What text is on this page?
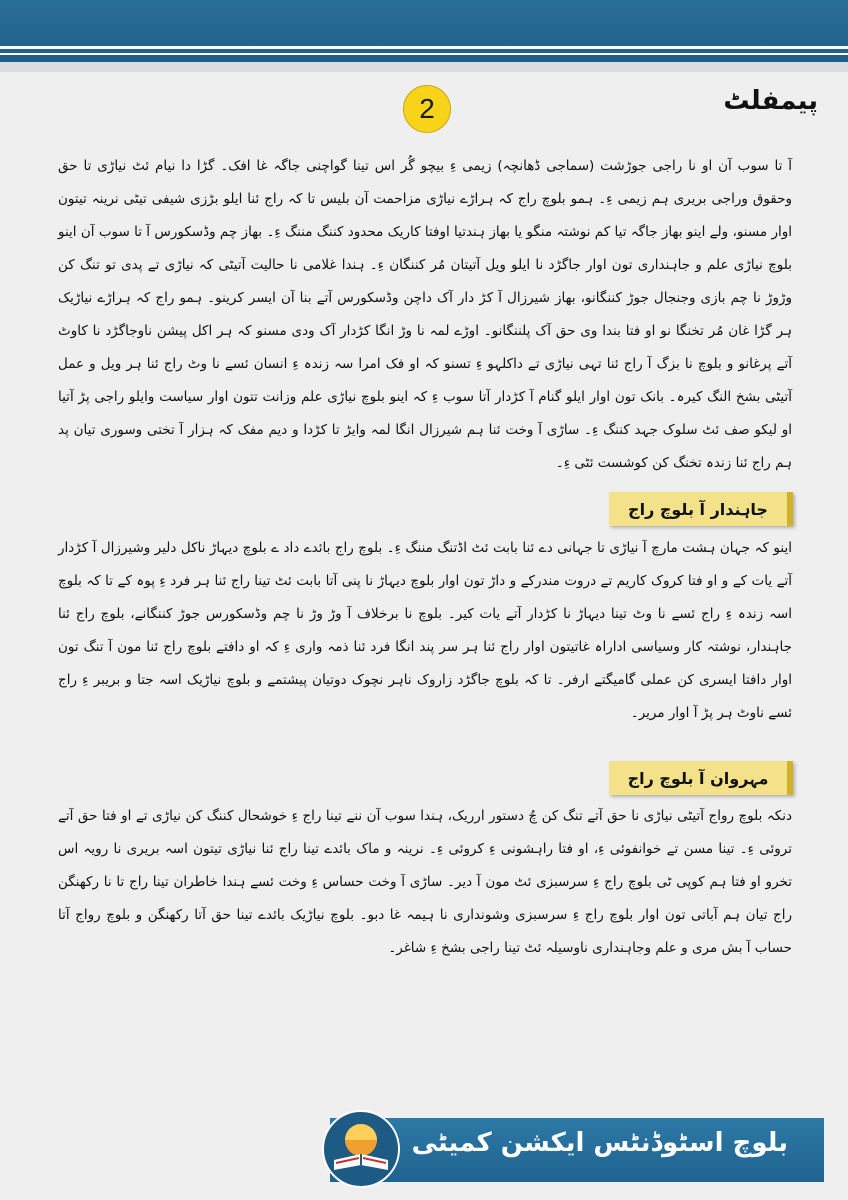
2	پیمفلٹ
آ تا سوب آن او نا راجی جوڑشت (سماجی ڈھانچہ) زیمی ءِ بیچو گُر اس تینا گواچنی جاگہ غا افک۔ گڑا دا نیام ئٹ نیاڑی تا حق وحقوق وراجی بریری ہم زیمی ءِ۔ ہمو بلوچ راج کہ ہراڑے نیاڑی مزاحمت آن بلیس تا کہ راج ئنا ایلو بڑزی شیفی تیٹی نرینہ تیتون اوار مسنو، ولے اینو بھاز جاگہ تیا کم نوشتہ منگو یا بھاز ہندتیا اوفتا کاریک محدود کننگ مننگ ءِ۔ بھاز چم وڈسکورس آ تا سوب آن اینو بلوچ نیاڑی علم و جاہنداری تون اوار جاگڑد نا ایلو ویل آتیتان مُر کننگان ءِ۔ ہندا غلامی نا حالیت آتیٹی کہ نیاڑی تے پدی تو تنگ کن وڑوڑ نا چم بازی وجنجال جوڑ کننگانو، بھاز شیرزال آ کڑ دار آک داچن وڈسکورس آتے بنا آن ایسر کرینو۔ ہمو راج کہ ہراڑے نیاڑیک ہر گڑا غان مُر تخنگا نو او فتا بندا وی حق آک پلننگانو۔ اوڑے لمہ نا وڑ انگا کڑدار آک ودی مسنو کہ ہر اکل پیشن ناوجاگڑد نا کاوٹ آتے پرغانو و بلوچ نا بزگ آ راج ئنا تہی نیاڑی تے داکلہو ءِ تسنو کہ او فک امرا سہ زندہ ءِ انسان ئسے نا وٹ راج ئنا ہر ویل و عمل آتیٹی بشخ النگ کیرہ۔ بانک تون اوار ایلو گنام آ کڑدار آتا سوب ءِ کہ اینو بلوچ نیاڑی علم وزانت تتون اوار سیاست وایلو راجی پڑ آتیا او لیکو صف ئٹ سلوک جہد کننگ ءِ۔ ساڑی آ وخت ئنا ہم شیرزال انگا لمہ وایڑ تا کڑدا و دیم مفک کہ ہزار آ تختی وسوری تیان پد ہم راج ئنا زندہ تخنگ کن کوشست ئٹی ءِ۔
جاہندار آ بلوچ راج
اینو کہ جہان ہشت مارچ آ نیاڑی تا جہانی دے ئنا بابت ئٹ اڈتنگ مننگ ءِ۔ بلوچ راج بائدے داد ے بلوچ دیہاڑ ناکل دلیر وشیرزال آ کڑدار آتے یات کے و او فتا کروک کاریم تے دروت مندرکے و داڑ تون اوار بلوچ دیہاڑ نا پنی آتا بابت ئٹ تینا راج ئنا ہر فرد ءِ پوہ کے تا کہ بلوچ اسہ زندہ ءِ راج ئسے نا وٹ تینا دیہاڑ نا کڑدار آتے یات کیر۔ بلوچ نا برخلاف آ وڑ وڑ نا چم وڈسکورس جوڑ کننگانے، بلوچ راج ئنا جاہندار، نوشتہ کار وسیاسی اداراہ غاتیتون اوار راج ئنا ہر سر پند انگا فرد ئنا ذمہ واری ءِ کہ او دافتے بلوچ راج ئنا مون آ تنگ تون اوار دافتا ایسری کن عملی گامیگتے ارفر۔ تا کہ بلوچ جاگڑد زاروک ناہر نچوک دوتیان پیشتمے و بلوچ نیاڑیک اسہ جتا و بریبر ءِ راج ئسے ناوٹ ہر پڑ آ اوار مریر۔
مہروان آ بلوچ راج
دنکہ بلوچ رواج آتیٹی نیاڑی نا حق آتے تنگ کن چُ دستور ارریک، ہندا سوب آن ننے تینا راج ءِ خوشحال کننگ کن نیاڑی تے او فتا حق آتے تروئی ءِ۔ تینا مسن تے خوانفوئی ءِ، او فتا راہشونی ءِ کروئی ءِ۔ نرینہ و ماک بائدے تینا راج ئنا نیاڑی تیتون اسہ بریری نا رویہ اس تخرو او فتا ہم کوپی ٹی بلوچ راج ءِ سرسبزی ئٹ مون آ دیر۔ ساڑی آ وخت حساس ءِ وخت ئسے ہندا خاطران تینا راج تا نا رکھنگن راج تیان ہم آباتی تون اوار بلوچ راج ءِ سرسبزی وشونداری نا ہیمہ غا دبو۔ بلوچ نیاڑیک بائدے تینا حق آتا رکھنگن و بلوچ رواج آتا حساب آ بش مری و علم وجاہنداری ناوسیلہ ئٹ تینا راجی بشخ ءِ شاغر۔
بلوچ اسٹوڈنٹس ایکشن کمیٹی
